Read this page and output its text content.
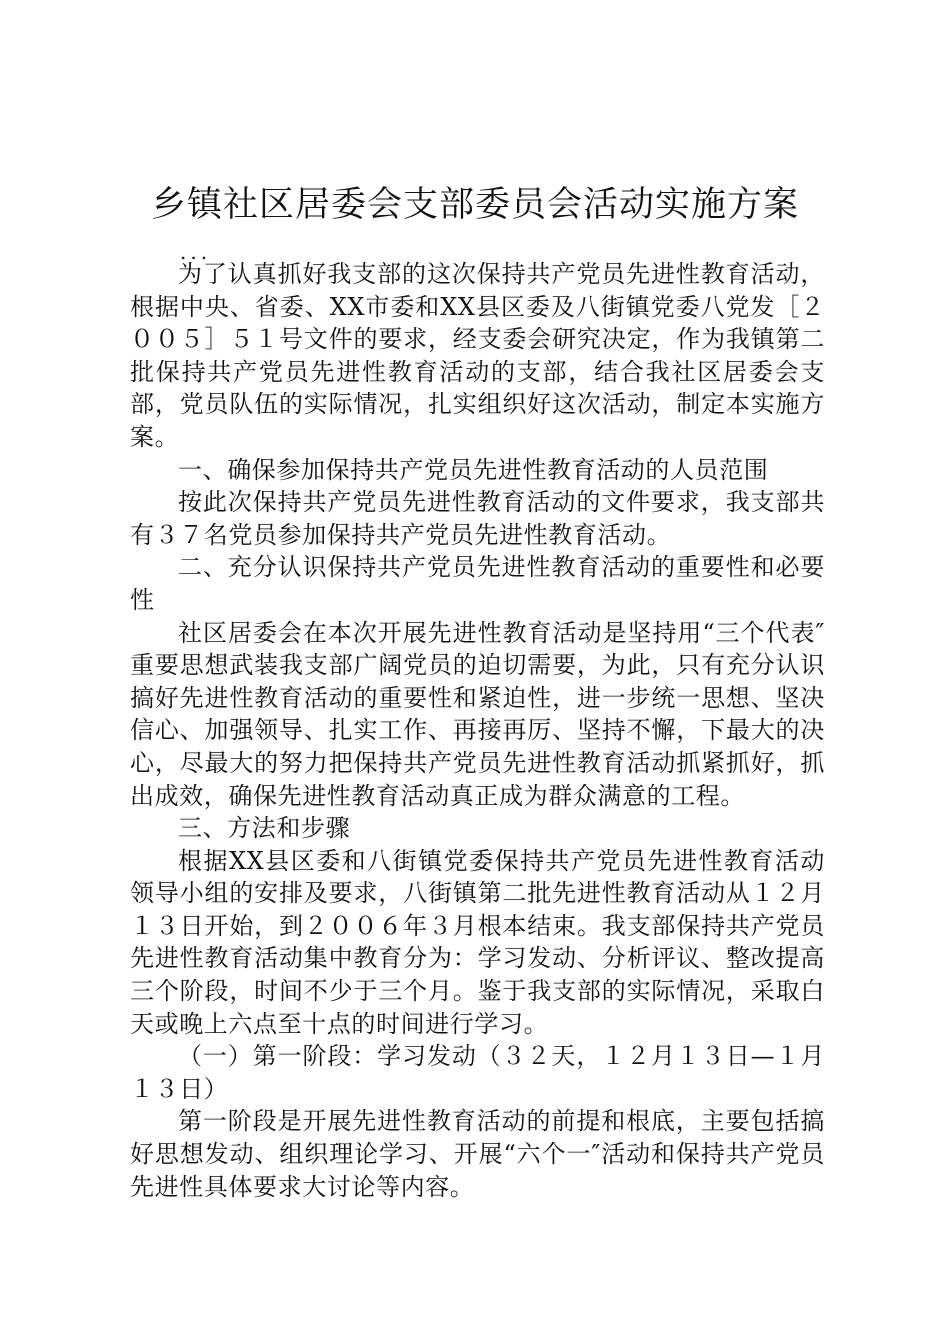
乡镇社区居委会支部委员会活动实施方案
...

为了认真抓好我支部的这次保持共产党员先进性教育活动，根据中央、省委、XX市委和XX县区委及八街镇党委八党发［２００５］５１号文件的要求，经支委会研究决定，作为我镇第二批保持共产党员先进性教育活动的支部，结合我社区居委会支部，党员队伍的实际情况，扎实组织好这次活动，制定本实施方案。

一、确保参加保持共产党员先进性教育活动的人员范围

按此次保持共产党员先进性教育活动的文件要求，我支部共有３７名党员参加保持共产党员先进性教育活动。

二、充分认识保持共产党员先进性教育活动的重要性和必要性

社区居委会在本次开展先进性教育活动是坚持用“三个代表″重要思想武装我支部广阔党员的迫切需要，为此，只有充分认识搞好先进性教育活动的重要性和紧迫性，进一步统一思想、坚决信心、加强领导、扎实工作、再接再厉、坚持不懈，下最大的决心，尽最大的努力把保持共产党员先进性教育活动抓紧抓好，抓出成效，确保先进性教育活动真正成为群众满意的工程。

三、方法和步骤

根据XX县区委和八街镇党委保持共产党员先进性教育活动领导小组的安排及要求，八街镇第二批先进性教育活动从１２月１３日开始，到２００６年３月根本结束。我支部保持共产党员先进性教育活动集中教育分为：学习发动、分析评议、整改提高三个阶段，时间不少于三个月。鉴于我支部的实际情况，采取白天或晚上六点至十点的时间进行学习。

（一）第一阶段：学习发动（３２天，１２月１３日—１月１３日）

第一阶段是开展先进性教育活动的前提和根底，主要包括搞好思想发动、组织理论学习、开展“六个一″活动和保持共产党员先进性具体要求大讨论等内容。
